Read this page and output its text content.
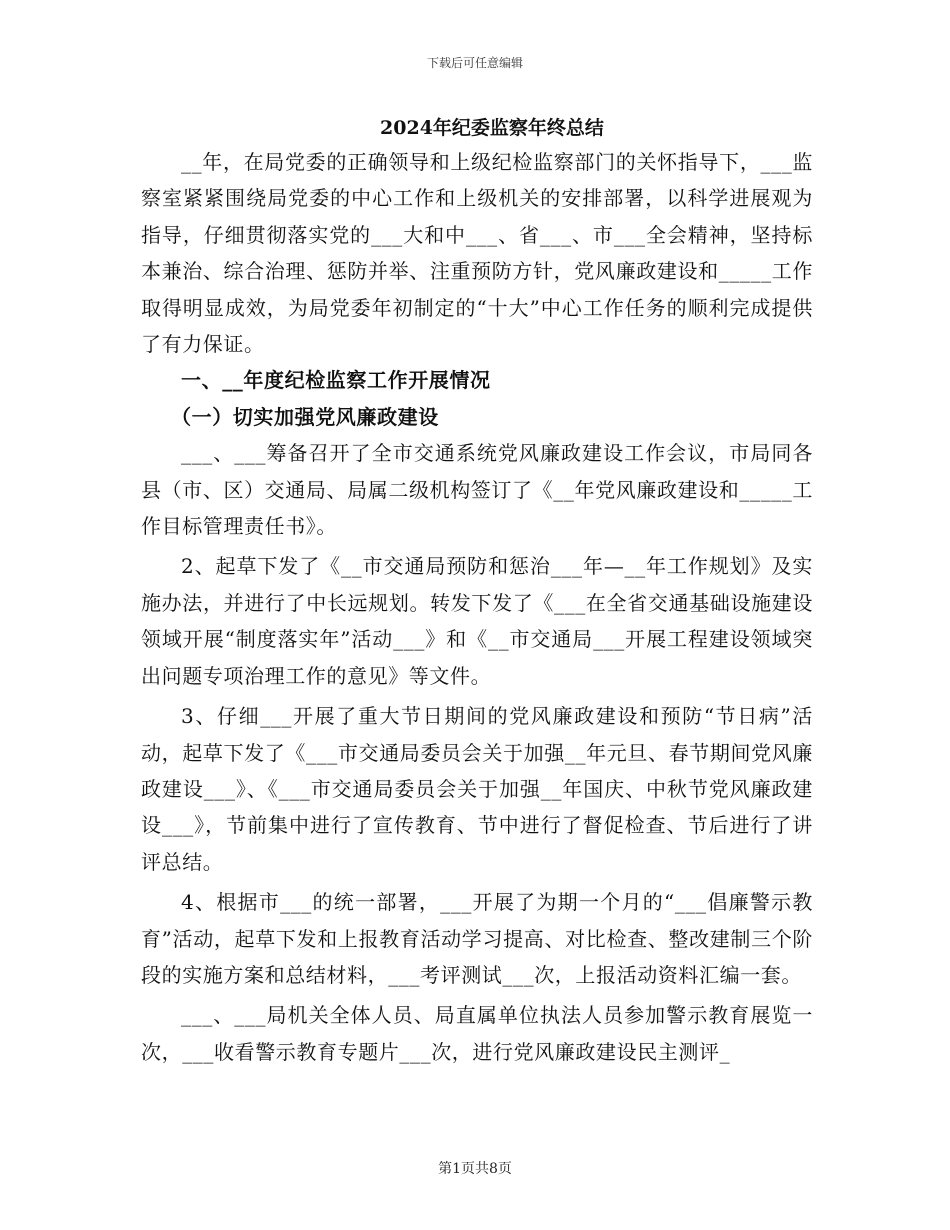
下载后可任意编辑

2024年纪委监察年终总结

__年，在局党委的正确领导和上级纪检监察部门的关怀指导下，___监察室紧紧围绕局党委的中心工作和上级机关的安排部署，以科学进展观为指导，仔细贯彻落实党的___大和中___、省___、市___全会精神，坚持标本兼治、综合治理、惩防并举、注重预防方针，党风廉政建设和_____工作取得明显成效，为局党委年初制定的“十大”中心工作任务的顺利完成提供了有力保证。

一、__年度纪检监察工作开展情况

（一）切实加强党风廉政建设

___、___筹备召开了全市交通系统党风廉政建设工作会议，市局同各县（市、区）交通局、局属二级机构签订了《__年党风廉政建设和_____工作目标管理责任书》。

2、起草下发了《__市交通局预防和惩治___年—__年工作规划》及实施办法，并进行了中长远规划。转发下发了《___在全省交通基础设施建设领域开展“制度落实年”活动___》和《__市交通局___开展工程建设领域突出问题专项治理工作的意见》等文件。

3、仔细___开展了重大节日期间的党风廉政建设和预防“节日病”活动，起草下发了《___市交通局委员会关于加强__年元旦、春节期间党风廉政建设___》、《___市交通局委员会关于加强__年国庆、中秋节党风廉政建设___》，节前集中进行了宣传教育、节中进行了督促检查、节后进行了讲评总结。

4、根据市___的统一部署，___开展了为期一个月的“___倡廉警示教育”活动，起草下发和上报教育活动学习提高、对比检查、整改建制三个阶段的实施方案和总结材料，___考评测试___次，上报活动资料汇编一套。

___、___局机关全体人员、局直属单位执法人员参加警示教育展览一次，___收看警示教育专题片___次，进行党风廉政建设民主测评_

第1页共8页
